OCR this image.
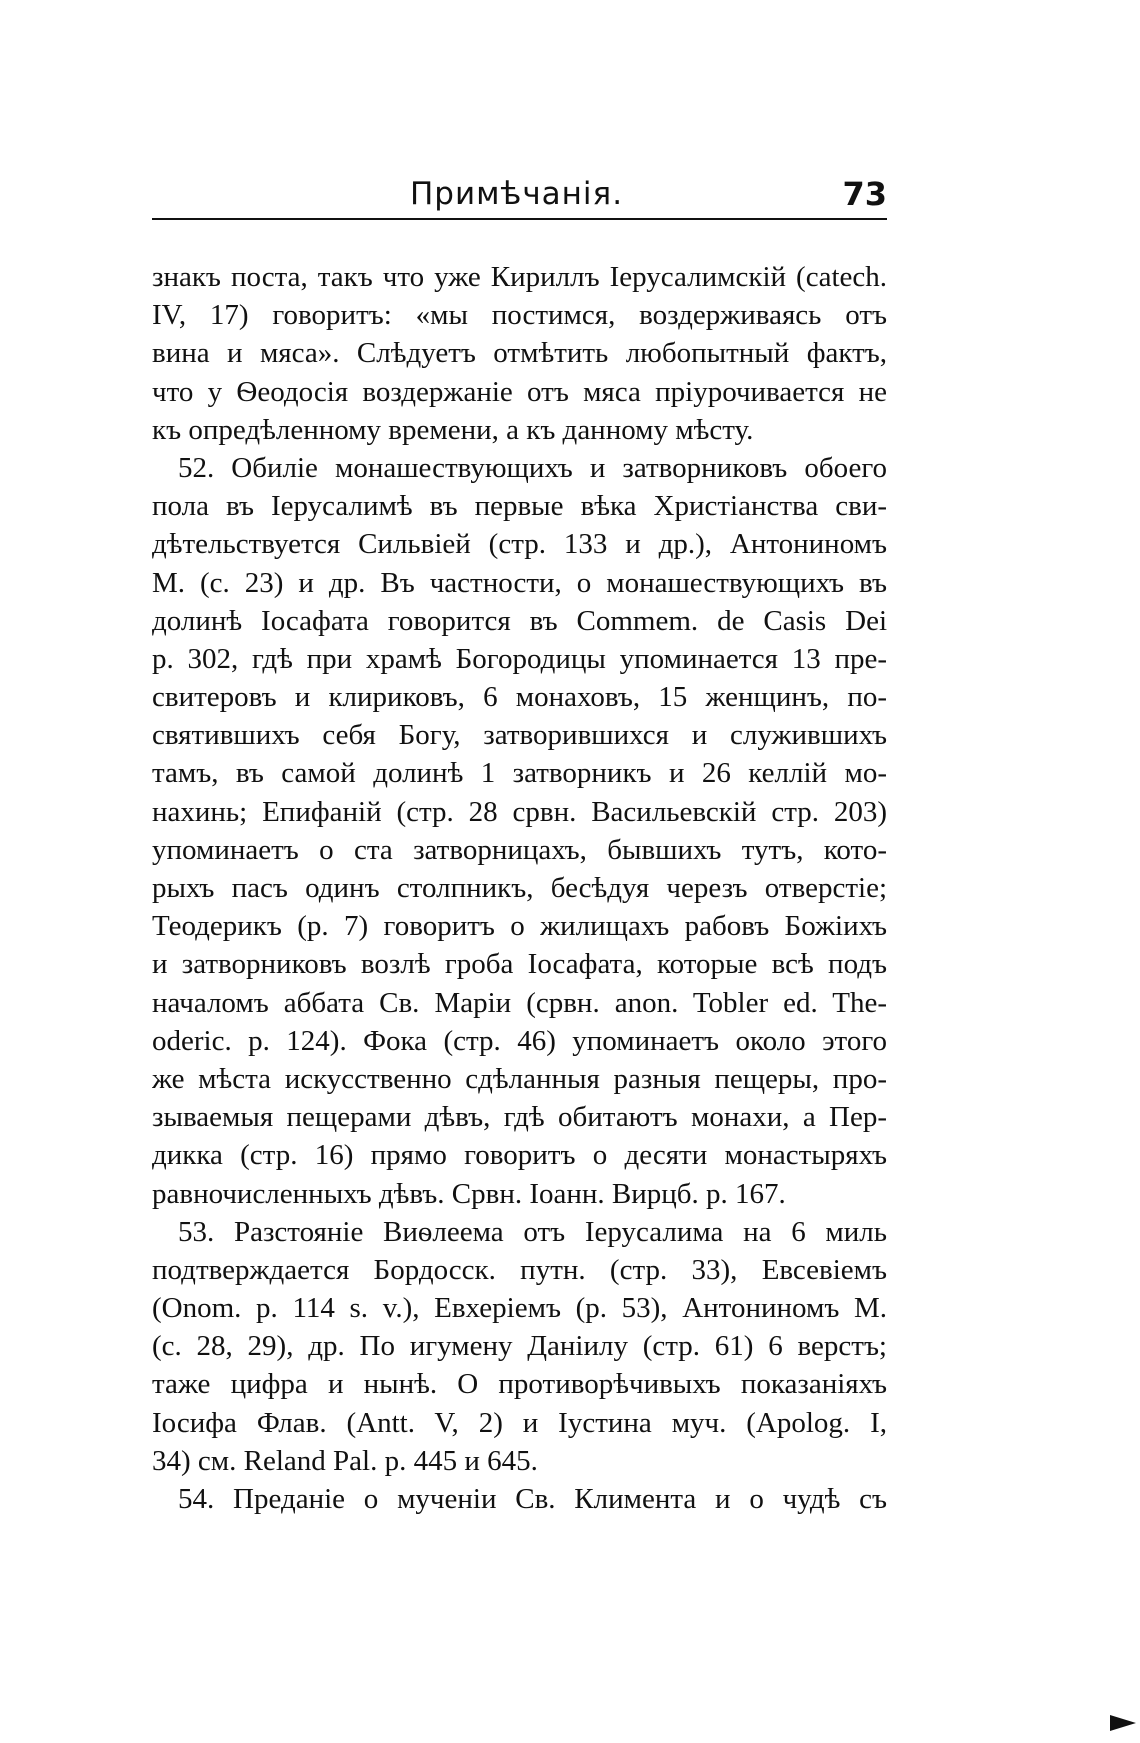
Примѣчанія.	73
знакъ поста, такъ что уже Кириллъ Іерусалимскій (catech.
IV, 17) говоритъ: «мы постимся, воздерживаясь отъ
вина и мяса». Слѣдуетъ отмѣтить любопытный фактъ,
что у Ѳеодосія воздержаніе отъ мяса пріурочивается не
къ опредѣленному времени, а къ данному мѣсту.
52. Обиліе монашествующихъ и затворниковъ обоего
пола въ Іерусалимѣ въ первые вѣка Христіанства сви-
дѣтельствуется Сильвіей (стр. 133 и др.), Антониномъ
М. (с. 23) и др. Въ частности, о монашествующихъ въ
долинѣ Іосафата говорится въ Commem. de Casis Dei
p. 302, гдѣ при храмѣ Богородицы упоминается 13 пре-
свитеровъ и клириковъ, 6 монаховъ, 15 женщинъ, по-
святившихъ себя Богу, затворившихся и служившихъ
тамъ, въ самой долинѣ 1 затворникъ и 26 келлій мо-
нахинь; Епифаній (стр. 28 срвн. Васильевскій стр. 203)
упоминаетъ о ста затворницахъ, бывшихъ тутъ, кото-
рыхъ пасъ одинъ столпникъ, бесѣдуя черезъ отверстіе;
Теодерикъ (p. 7) говоритъ о жилищахъ рабовъ Божіихъ
и затворниковъ возлѣ гроба Іосафата, которые всѣ подъ
началомъ аббата Св. Маріи (срвн. anon. Tobler ed. The-
oderic. p. 124). Фока (стр. 46) упоминаетъ около этого
же мѣста искусственно сдѣланныя разныя пещеры, про-
зываемыя пещерами дѣвъ, гдѣ обитаютъ монахи, а Пер-
дикка (стр. 16) прямо говоритъ о десяти монастыряхъ
равночисленныхъ дѣвъ. Срвн. Іоанн. Вирцб. p. 167.
53. Разстояніе Виѳлеема отъ Іерусалима на 6 миль
подтверждается Бордосск. путн. (стр. 33), Евсевіемъ
(Onom. p. 114 s. v.), Евхеріемъ (p. 53), Антониномъ М.
(с. 28, 29), др. По игумену Даніилу (стр. 61) 6 верстъ;
таже цифра и нынѣ. О противорѣчивыхъ показаніяхъ
Іосифа Флав. (Antt. V, 2) и Іустина муч. (Apolog. I,
34) см. Reland Pal. p. 445 и 645.
54. Преданіе о мученіи Св. Климента и о чудѣ съ
